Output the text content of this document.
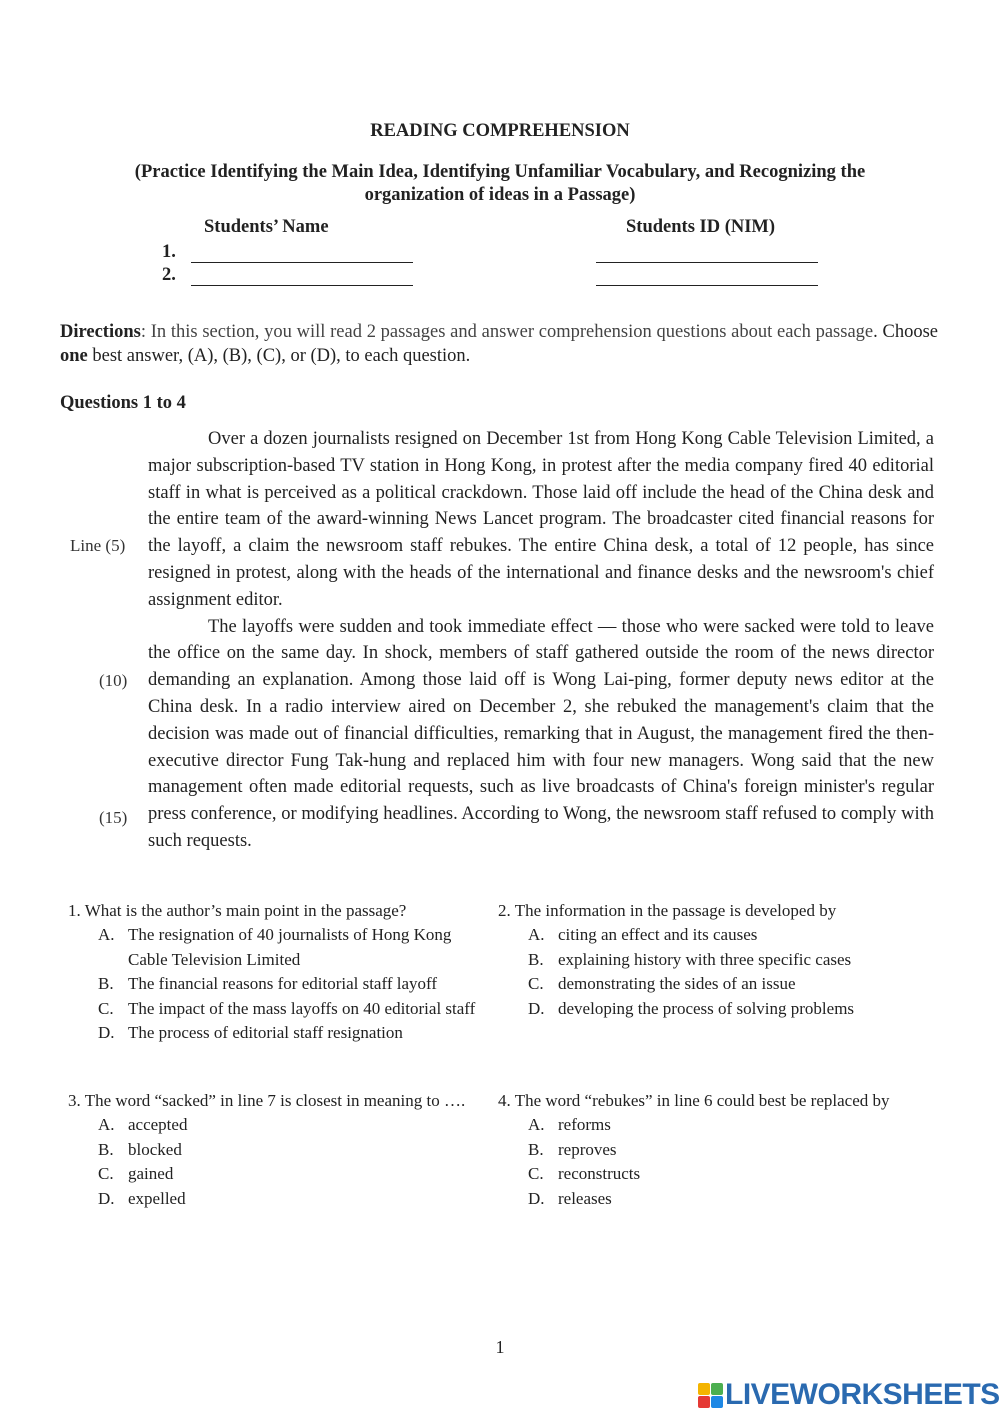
READING COMPREHENSION
(Practice Identifying the Main Idea, Identifying Unfamiliar Vocabulary, and Recognizing the organization of ideas in a Passage)
Students’ Name	Students ID (NIM)
1.
2.
Directions: In this section, you will read 2 passages and answer comprehension questions about each passage. Choose one best answer, (A), (B), (C), or (D), to each question.
Questions 1 to 4

Over a dozen journalists resigned on December 1st from Hong Kong Cable Television Limited, a major subscription-based TV station in Hong Kong, in protest after the media company fired 40 editorial staff in what is perceived as a political crackdown. Those laid off include the head of the China desk and the entire team of the award-winning News Lancet program. The broadcaster cited financial reasons for the layoff, a claim the newsroom staff rebukes. The entire China desk, a total of 12 people, has since resigned in protest, along with the heads of the international and finance desks and the newsroom's chief assignment editor.

The layoffs were sudden and took immediate effect — those who were sacked were told to leave the office on the same day. In shock, members of staff gathered outside the room of the news director demanding an explanation. Among those laid off is Wong Lai-ping, former deputy news editor at the China desk. In a radio interview aired on December 2, she rebuked the management's claim that the decision was made out of financial difficulties, remarking that in August, the management fired the then-executive director Fung Tak-hung and replaced him with four new managers. Wong said that the new management often made editorial requests, such as live broadcasts of China's foreign minister's regular press conference, or modifying headlines. According to Wong, the newsroom staff refused to comply with such requests.

Line (5)
(10)
(15)

1. What is the author’s main point in the passage?

A. The resignation of 40 journalists of Hong Kong Cable Television Limited
B. The financial reasons for editorial staff layoff
C. The impact of the mass layoffs on 40 editorial staff
D. The process of editorial staff resignation

2. The information in the passage is developed by

A. citing an effect and its causes
B. explaining history with three specific cases
C. demonstrating the sides of an issue
D. developing the process of solving problems

3. The word “sacked” in line 7 is closest in meaning to ….

A. accepted
B. blocked
C. gained
D. expelled

4. The word “rebukes” in line 6 could best be replaced by

A. reforms
B. reproves
C. reconstructs
D. releases
1
LIVEWORKSHEETS
